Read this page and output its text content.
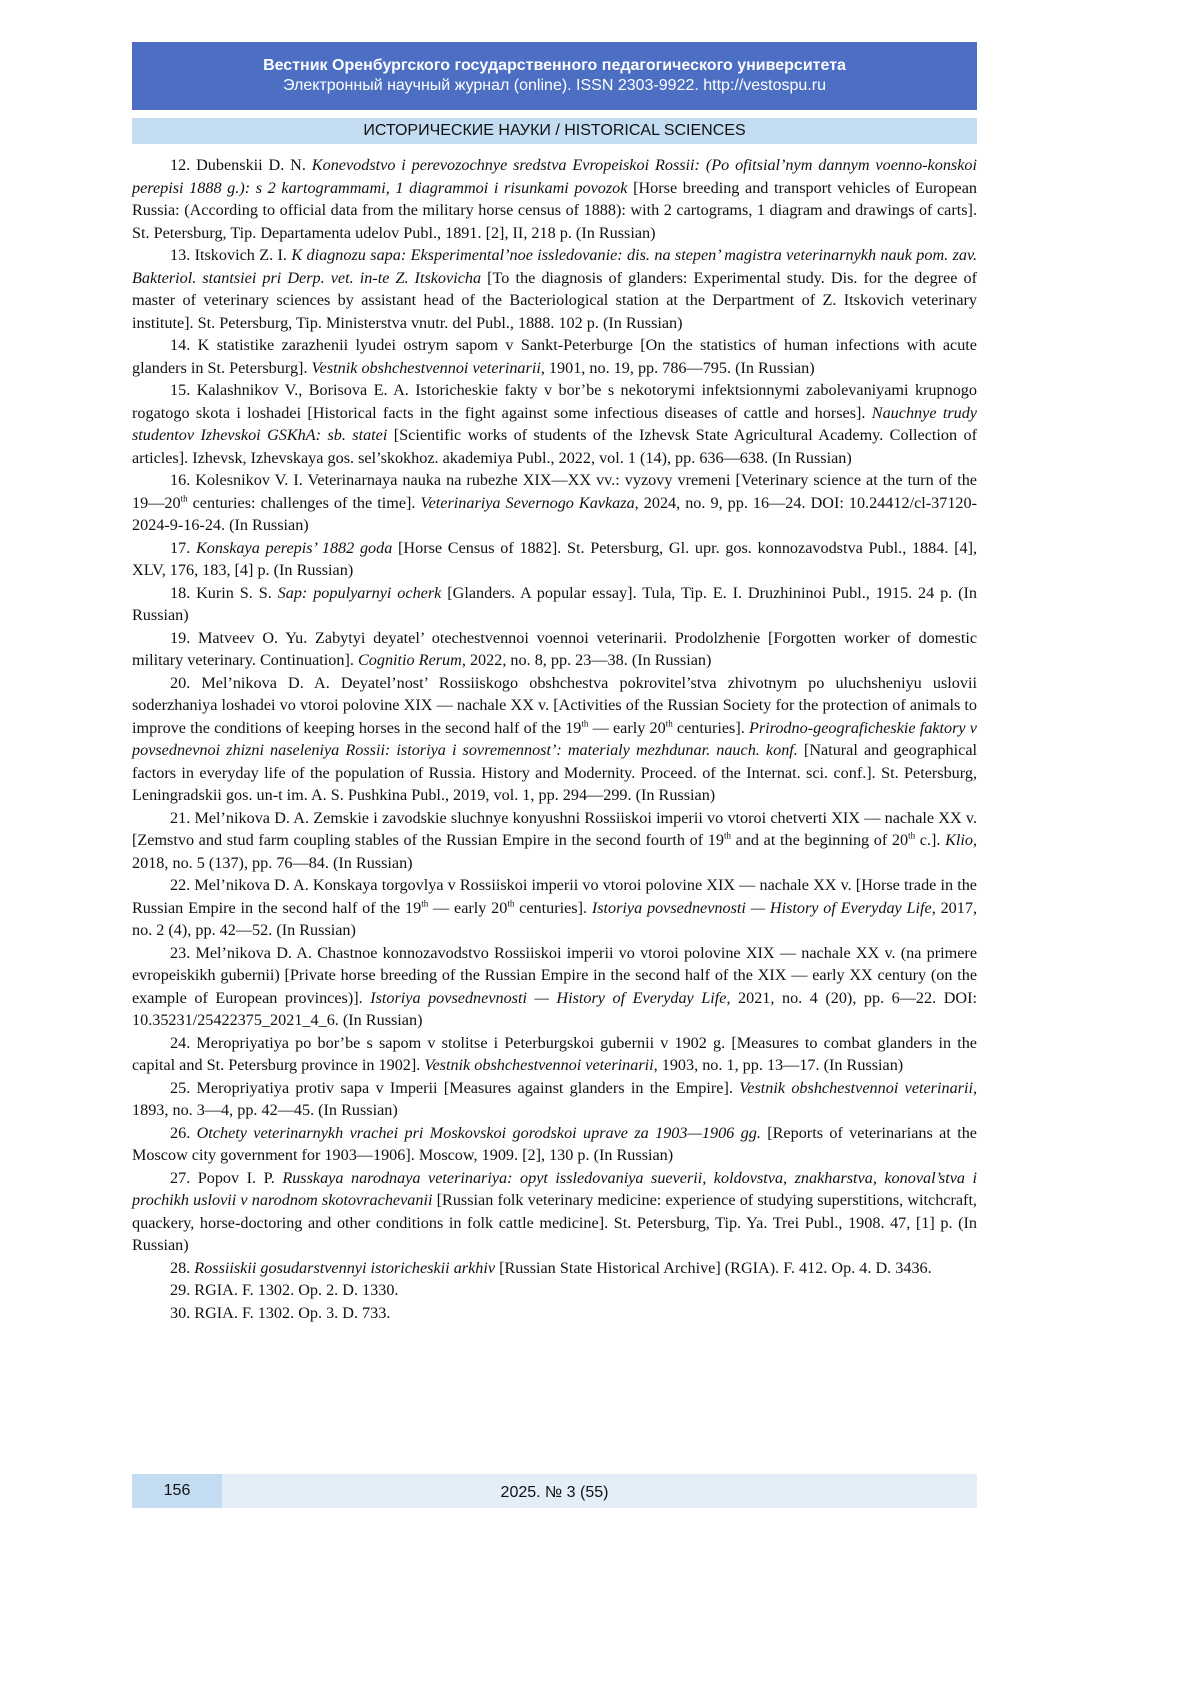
Вестник Оренбургского государственного педагогического университета
Электронный научный журнал (online). ISSN 2303-9922. http://vestospu.ru
ИСТОРИЧЕСКИЕ НАУКИ / HISTORICAL SCIENCES

12. Dubenskii D. N. Konevodstvo i perevozochnye sredstva Evropeiskoi Rossii: (Po ofitsial’nym dannym voenno-konskoi perepisi 1888 g.): s 2 kartogrammami, 1 diagrammoi i risunkami povozok [Horse breeding and transport vehicles of European Russia: (According to official data from the military horse census of 1888): with 2 cartograms, 1 diagram and drawings of carts]. St. Petersburg, Tip. Departamenta udelov Publ., 1891. [2], II, 218 p. (In Russian)

13. Itskovich Z. I. K diagnozu sapa: Eksperimental’noe issledovanie: dis. na stepen’ magistra veterinarnykh nauk pom. zav. Bakteriol. stantsiei pri Derp. vet. in-te Z. Itskovicha [To the diagnosis of glanders: Experimental study. Dis. for the degree of master of veterinary sciences by assistant head of the Bacteriological station at the Derpartment of Z. Itskovich veterinary institute]. St. Petersburg, Tip. Ministerstva vnutr. del Publ., 1888. 102 p. (In Russian)

14. K statistike zarazhenii lyudei ostrym sapom v Sankt-Peterburge [On the statistics of human infections with acute glanders in St. Petersburg]. Vestnik obshchestvennoi veterinarii, 1901, no. 19, pp. 786—795. (In Russian)

15. Kalashnikov V., Borisova E. A. Istoricheskie fakty v bor’be s nekotorymi infektsionnymi zabolevaniyami krupnogo rogatogo skota i loshadei [Historical facts in the fight against some infectious diseases of cattle and horses]. Nauchnye trudy studentov Izhevskoi GSKhA: sb. statei [Scientific works of students of the Izhevsk State Agricultural Academy. Collection of articles]. Izhevsk, Izhevskaya gos. sel’skokhoz. akademiya Publ., 2022, vol. 1 (14), pp. 636—638. (In Russian)

16. Kolesnikov V. I. Veterinarnaya nauka na rubezhe XIX—XX vv.: vyzovy vremeni [Veterinary science at the turn of the 19—20th centuries: challenges of the time]. Veterinariya Severnogo Kavkaza, 2024, no. 9, pp. 16—24. DOI: 10.24412/cl-37120-2024-9-16-24. (In Russian)

17. Konskaya perepis’ 1882 goda [Horse Census of 1882]. St. Petersburg, Gl. upr. gos. konnozavodstva Publ., 1884. [4], XLV, 176, 183, [4] p. (In Russian)

18. Kurin S. S. Sap: populyarnyi ocherk [Glanders. A popular essay]. Tula, Tip. E. I. Druzhininoi Publ., 1915. 24 p. (In Russian)

19. Matveev O. Yu. Zabytyi deyatel’ otechestvennoi voennoi veterinarii. Prodolzhenie [Forgotten worker of domestic military veterinary. Continuation]. Cognitio Rerum, 2022, no. 8, pp. 23—38. (In Russian)

20. Mel’nikova D. A. Deyatel’nost’ Rossiiskogo obshchestva pokrovitel’stva zhivotnym po uluchsheniyu uslovii soderzhaniya loshadei vo vtoroi polovine XIX — nachale XX v. [Activities of the Russian Society for the protection of animals to improve the conditions of keeping horses in the second half of the 19th — early 20th centuries]. Prirodno-geograficheskie faktory v povsednevnoi zhizni naseleniya Rossii: istoriya i sovremennost’: materialy mezhdunar. nauch. konf. [Natural and geographical factors in everyday life of the population of Russia. History and Modernity. Proceed. of the Internat. sci. conf.]. St. Petersburg, Leningradskii gos. un-t im. A. S. Pushkina Publ., 2019, vol. 1, pp. 294—299. (In Russian)

21. Mel’nikova D. A. Zemskie i zavodskie sluchnye konyushni Rossiiskoi imperii vo vtoroi chetverti XIX — nachale XX v. [Zemstvo and stud farm coupling stables of the Russian Empire in the second fourth of 19th and at the beginning of 20th c.]. Klio, 2018, no. 5 (137), pp. 76—84. (In Russian)

22. Mel’nikova D. A. Konskaya torgovlya v Rossiiskoi imperii vo vtoroi polovine XIX — nachale XX v. [Horse trade in the Russian Empire in the second half of the 19th — early 20th centuries]. Istoriya povsednevnosti — History of Everyday Life, 2017, no. 2 (4), pp. 42—52. (In Russian)

23. Mel’nikova D. A. Chastnoe konnozavodstvo Rossiiskoi imperii vo vtoroi polovine XIX — nachale XX v. (na primere evropeiskikh gubernii) [Private horse breeding of the Russian Empire in the second half of the XIX — early XX century (on the example of European provinces)]. Istoriya povsednevnosti — History of Everyday Life, 2021, no. 4 (20), pp. 6—22. DOI: 10.35231/25422375_2021_4_6. (In Russian)

24. Meropriyatiya po bor’be s sapom v stolitse i Peterburgskoi gubernii v 1902 g. [Measures to combat glanders in the capital and St. Petersburg province in 1902]. Vestnik obshchestvennoi veterinarii, 1903, no. 1, pp. 13—17. (In Russian)

25. Meropriyatiya protiv sapa v Imperii [Measures against glanders in the Empire]. Vestnik obshchestvennoi veterinarii, 1893, no. 3—4, pp. 42—45. (In Russian)

26. Otchety veterinarnykh vrachei pri Moskovskoi gorodskoi uprave za 1903—1906 gg. [Reports of veterinarians at the Moscow city government for 1903—1906]. Moscow, 1909. [2], 130 p. (In Russian)

27. Popov I. P. Russkaya narodnaya veterinariya: opyt issledovaniya sueverii, koldovstva, znakharstva, konoval’stva i prochikh uslovii v narodnom skotovrachevanii [Russian folk veterinary medicine: experience of studying superstitions, witchcraft, quackery, horse-doctoring and other conditions in folk cattle medicine]. St. Petersburg, Tip. Ya. Trei Publ., 1908. 47, [1] p. (In Russian)

28. Rossiiskii gosudarstvennyi istoricheskii arkhiv [Russian State Historical Archive] (RGIA). F. 412. Op. 4. D. 3436.

29. RGIA. F. 1302. Op. 2. D. 1330.

30. RGIA. F. 1302. Op. 3. D. 733.

2025. № 3 (55)
156
